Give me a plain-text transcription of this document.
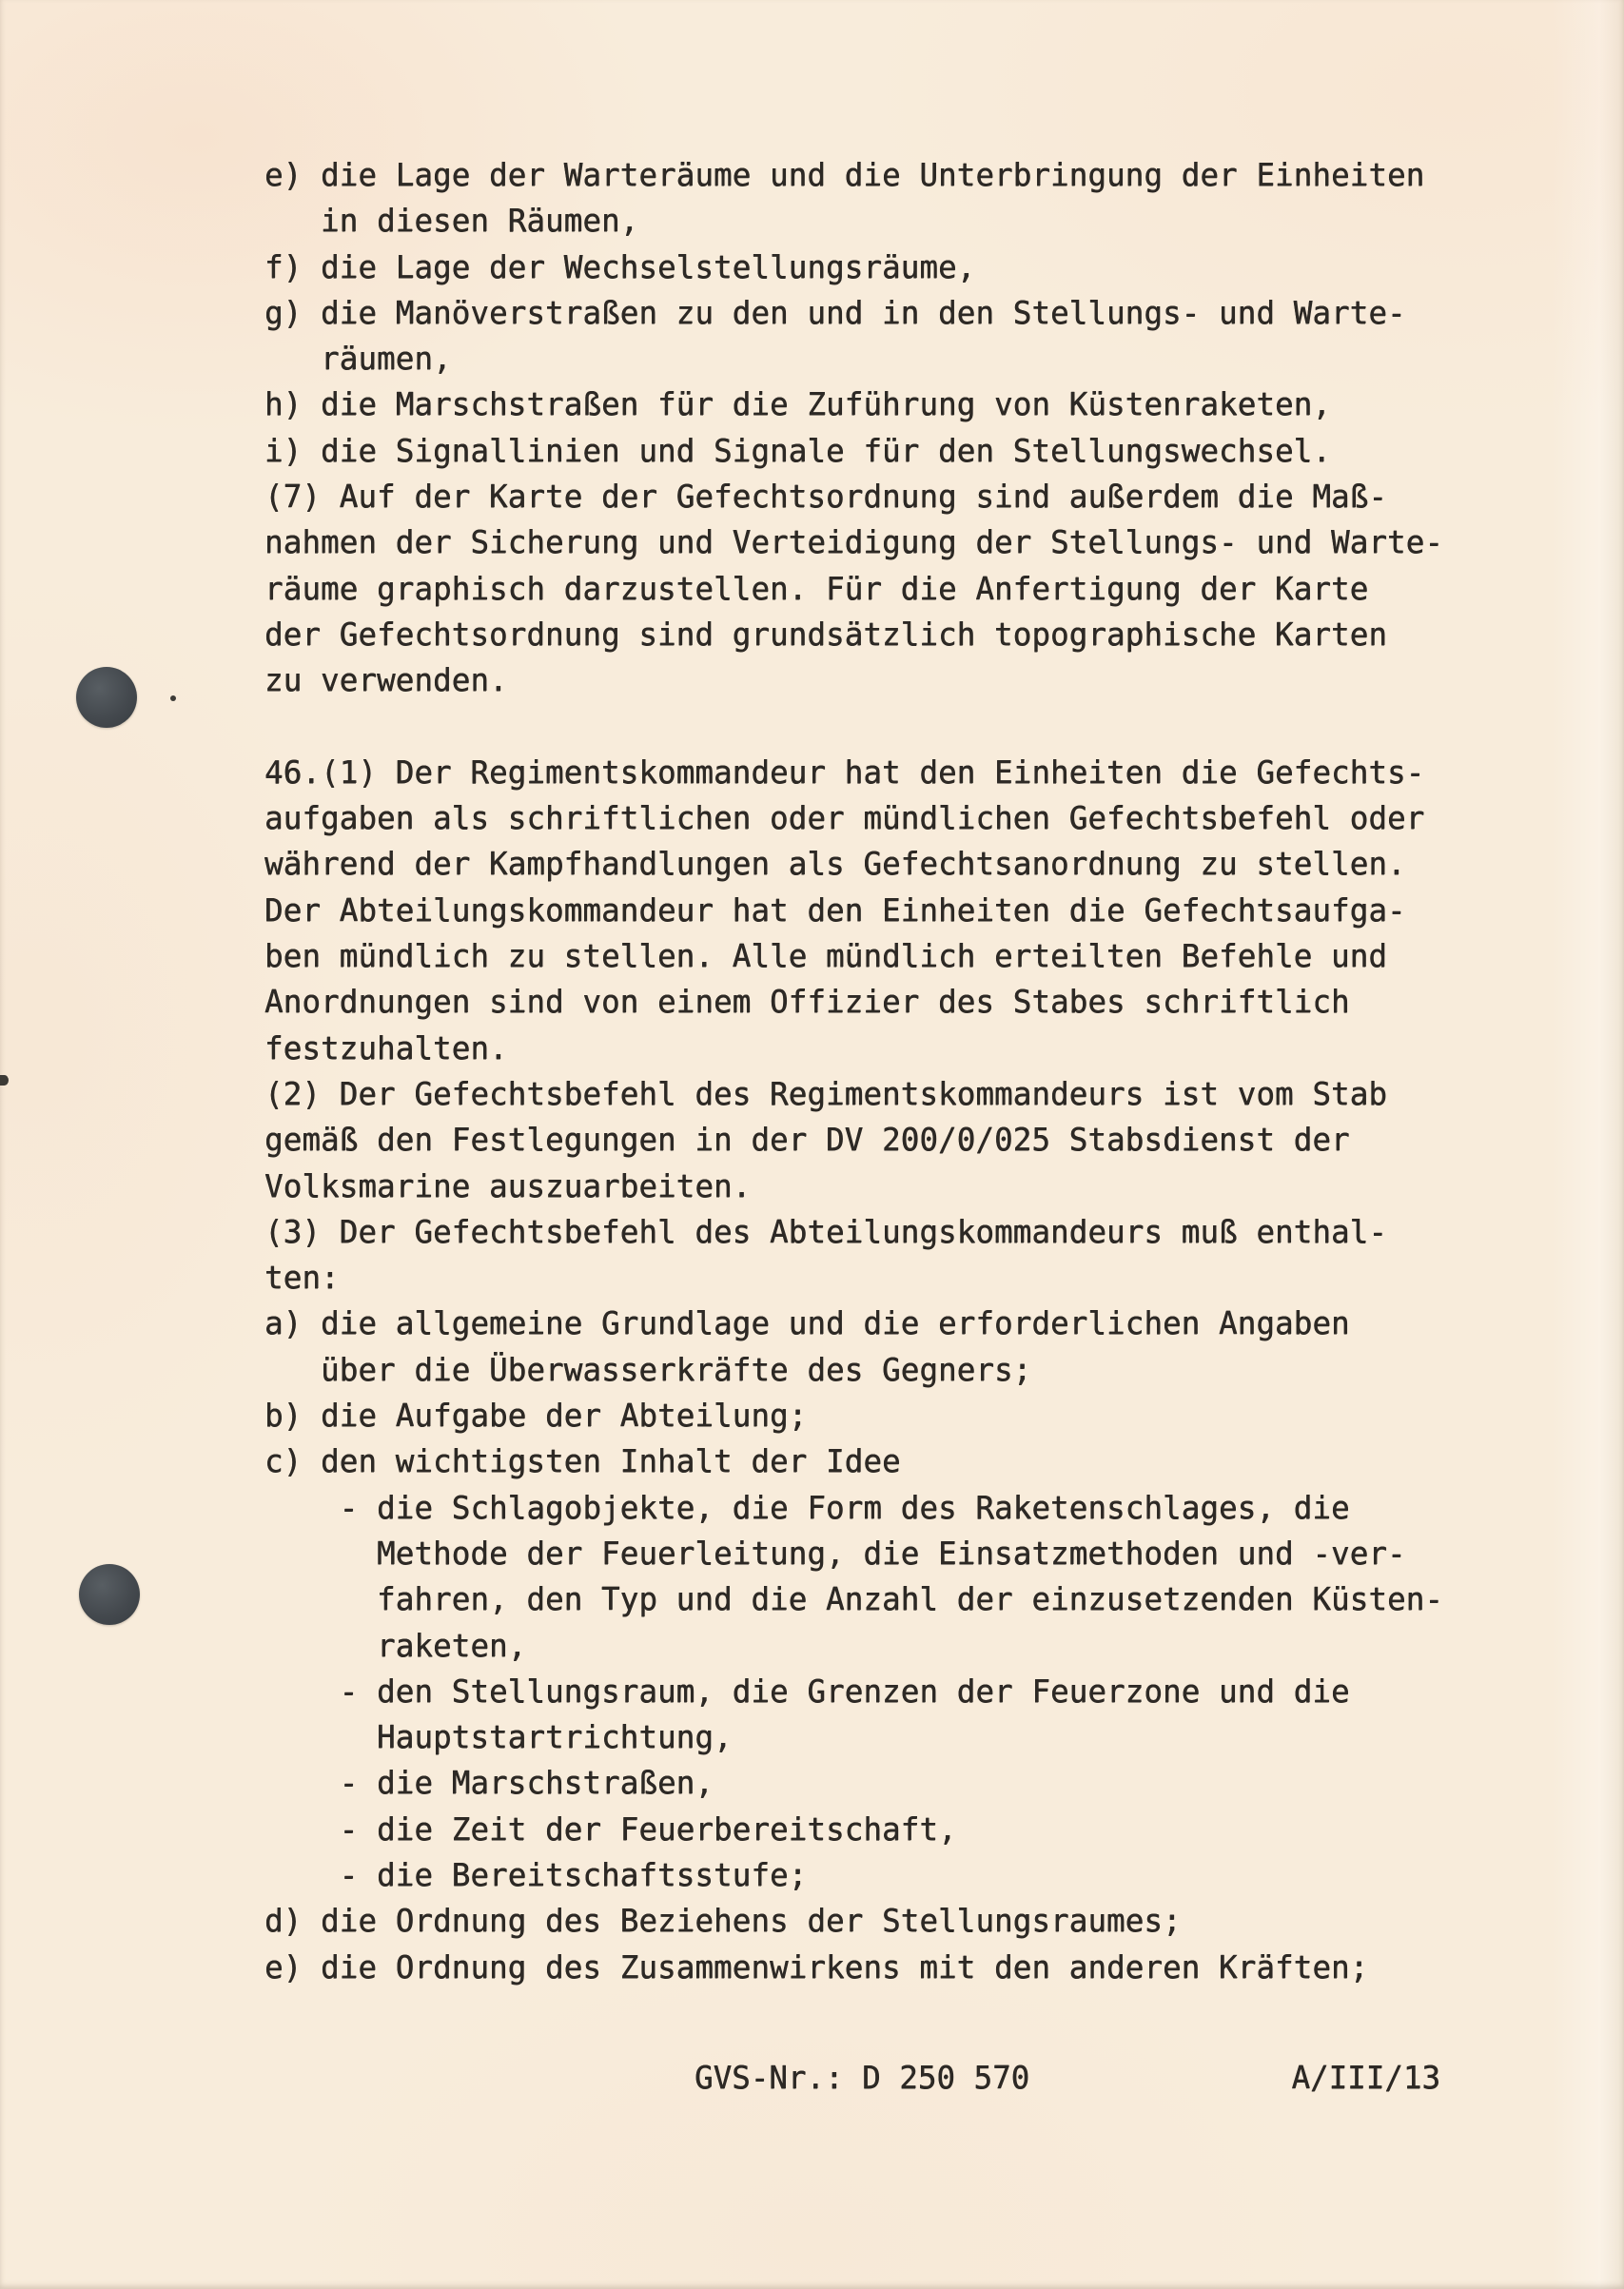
e) die Lage der Warteräume und die Unterbringung der Einheiten
in diesen Räumen,
f) die Lage der Wechselstellungsräume,
g) die Manöverstraßen zu den und in den Stellungs- und Warte-
räumen,
h) die Marschstraßen für die Zuführung von Küstenraketen,
i) die Signallinien und Signale für den Stellungswechsel.
(7) Auf der Karte der Gefechtsordnung sind außerdem die Maß-
nahmen der Sicherung und Verteidigung der Stellungs- und Warte-
räume graphisch darzustellen. Für die Anfertigung der Karte
der Gefechtsordnung sind grundsätzlich topographische Karten
zu verwenden.

46.(1) Der Regimentskommandeur hat den Einheiten die Gefechts-
aufgaben als schriftlichen oder mündlichen Gefechtsbefehl oder
während der Kampfhandlungen als Gefechtsanordnung zu stellen.
Der Abteilungskommandeur hat den Einheiten die Gefechtsaufga-
ben mündlich zu stellen. Alle mündlich erteilten Befehle und
Anordnungen sind von einem Offizier des Stabes schriftlich
festzuhalten.
(2) Der Gefechtsbefehl des Regimentskommandeurs ist vom Stab
gemäß den Festlegungen in der DV 200/0/025 Stabsdienst der
Volksmarine auszuarbeiten.
(3) Der Gefechtsbefehl des Abteilungskommandeurs muß enthal-
ten:
a) die allgemeine Grundlage und die erforderlichen Angaben
über die Überwasserkräfte des Gegners;
b) die Aufgabe der Abteilung;
c) den wichtigsten Inhalt der Idee
- die Schlagobjekte, die Form des Raketenschlages, die
Methode der Feuerleitung, die Einsatzmethoden und -ver-
fahren, den Typ und die Anzahl der einzusetzenden Küsten-
raketen,
- den Stellungsraum, die Grenzen der Feuerzone und die
Hauptstartrichtung,
- die Marschstraßen,
- die Zeit der Feuerbereitschaft,
- die Bereitschaftsstufe;
d) die Ordnung des Beziehens der Stellungsraumes;
e) die Ordnung des Zusammenwirkens mit den anderen Kräften;
GVS-Nr.: D 250 570	A/III/13
